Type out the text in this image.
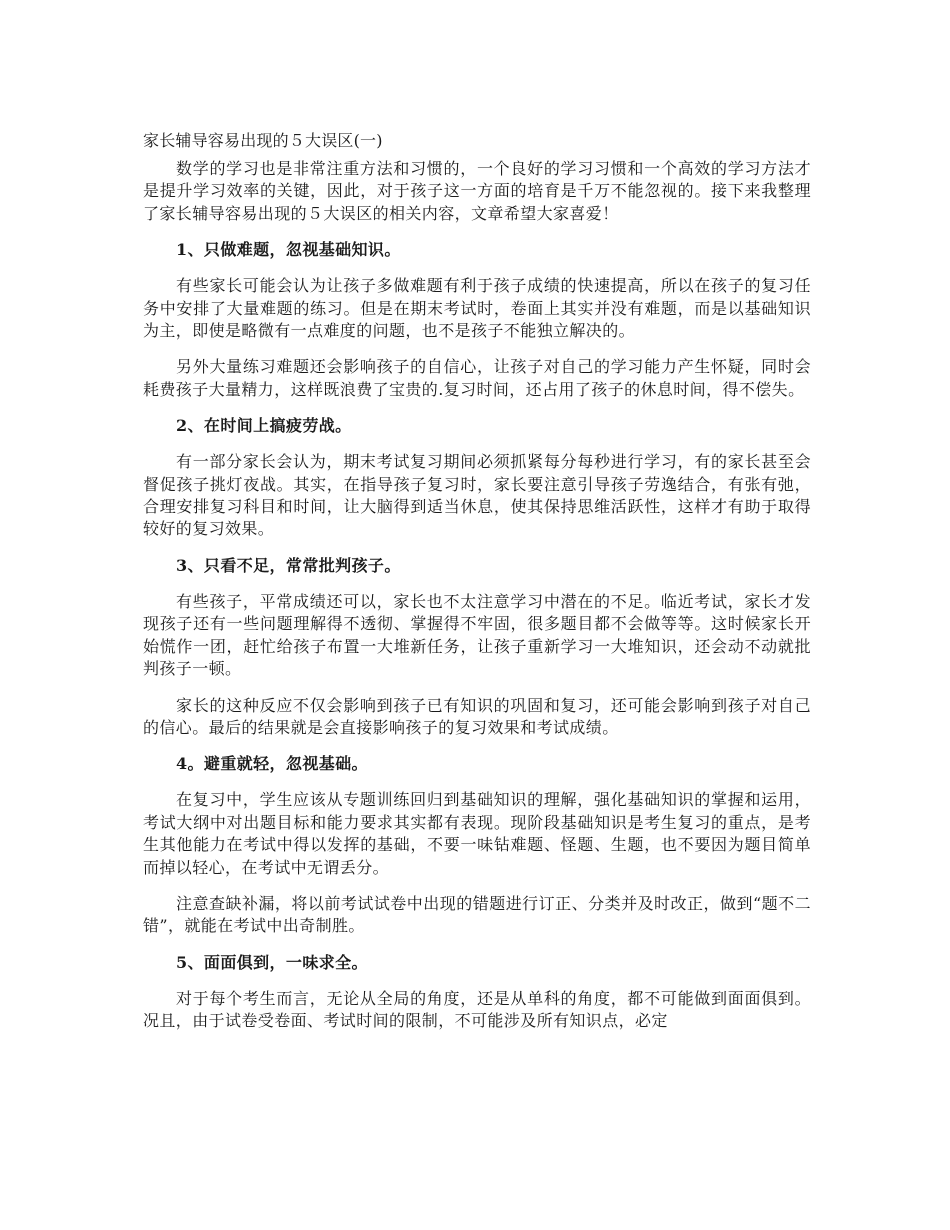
家长辅导容易出现的５大误区(一)

数学的学习也是非常注重方法和习惯的，一个良好的学习习惯和一个高效的学习方法才是提升学习效率的关键，因此，对于孩子这一方面的培育是千万不能忽视的。接下来我整理了家长辅导容易出现的５大误区的相关内容，文章希望大家喜爱！

1、只做难题，忽视基础知识。

有些家长可能会认为让孩子多做难题有利于孩子成绩的快速提高，所以在孩子的复习任务中安排了大量难题的练习。但是在期末考试时，卷面上其实并没有难题，而是以基础知识为主，即使是略微有一点难度的问题，也不是孩子不能独立解决的。

另外大量练习难题还会影响孩子的自信心，让孩子对自己的学习能力产生怀疑，同时会耗费孩子大量精力，这样既浪费了宝贵的.复习时间，还占用了孩子的休息时间，得不偿失。

2、在时间上搞疲劳战。

有一部分家长会认为，期末考试复习期间必须抓紧每分每秒进行学习，有的家长甚至会督促孩子挑灯夜战。其实，在指导孩子复习时，家长要注意引导孩子劳逸结合，有张有弛，合理安排复习科目和时间，让大脑得到适当休息，使其保持思维活跃性，这样才有助于取得较好的复习效果。

3、只看不足，常常批判孩子。

有些孩子，平常成绩还可以，家长也不太注意学习中潜在的不足。临近考试，家长才发现孩子还有一些问题理解得不透彻、掌握得不牢固，很多题目都不会做等等。这时候家长开始慌作一团，赶忙给孩子布置一大堆新任务，让孩子重新学习一大堆知识，还会动不动就批判孩子一顿。

家长的这种反应不仅会影响到孩子已有知识的巩固和复习，还可能会影响到孩子对自己的信心。最后的结果就是会直接影响孩子的复习效果和考试成绩。

4。避重就轻，忽视基础。

在复习中，学生应该从专题训练回归到基础知识的理解，强化基础知识的掌握和运用，考试大纲中对出题目标和能力要求其实都有表现。现阶段基础知识是考生复习的重点，是考生其他能力在考试中得以发挥的基础，不要一味钻难题、怪题、生题，也不要因为题目简单而掉以轻心，在考试中无谓丢分。

注意查缺补漏，将以前考试试卷中出现的错题进行订正、分类并及时改正，做到“题不二错”，就能在考试中出奇制胜。

5、面面俱到，一味求全。

对于每个考生而言，无论从全局的角度，还是从单科的角度，都不可能做到面面俱到。况且，由于试卷受卷面、考试时间的限制，不可能涉及所有知识点，必定
